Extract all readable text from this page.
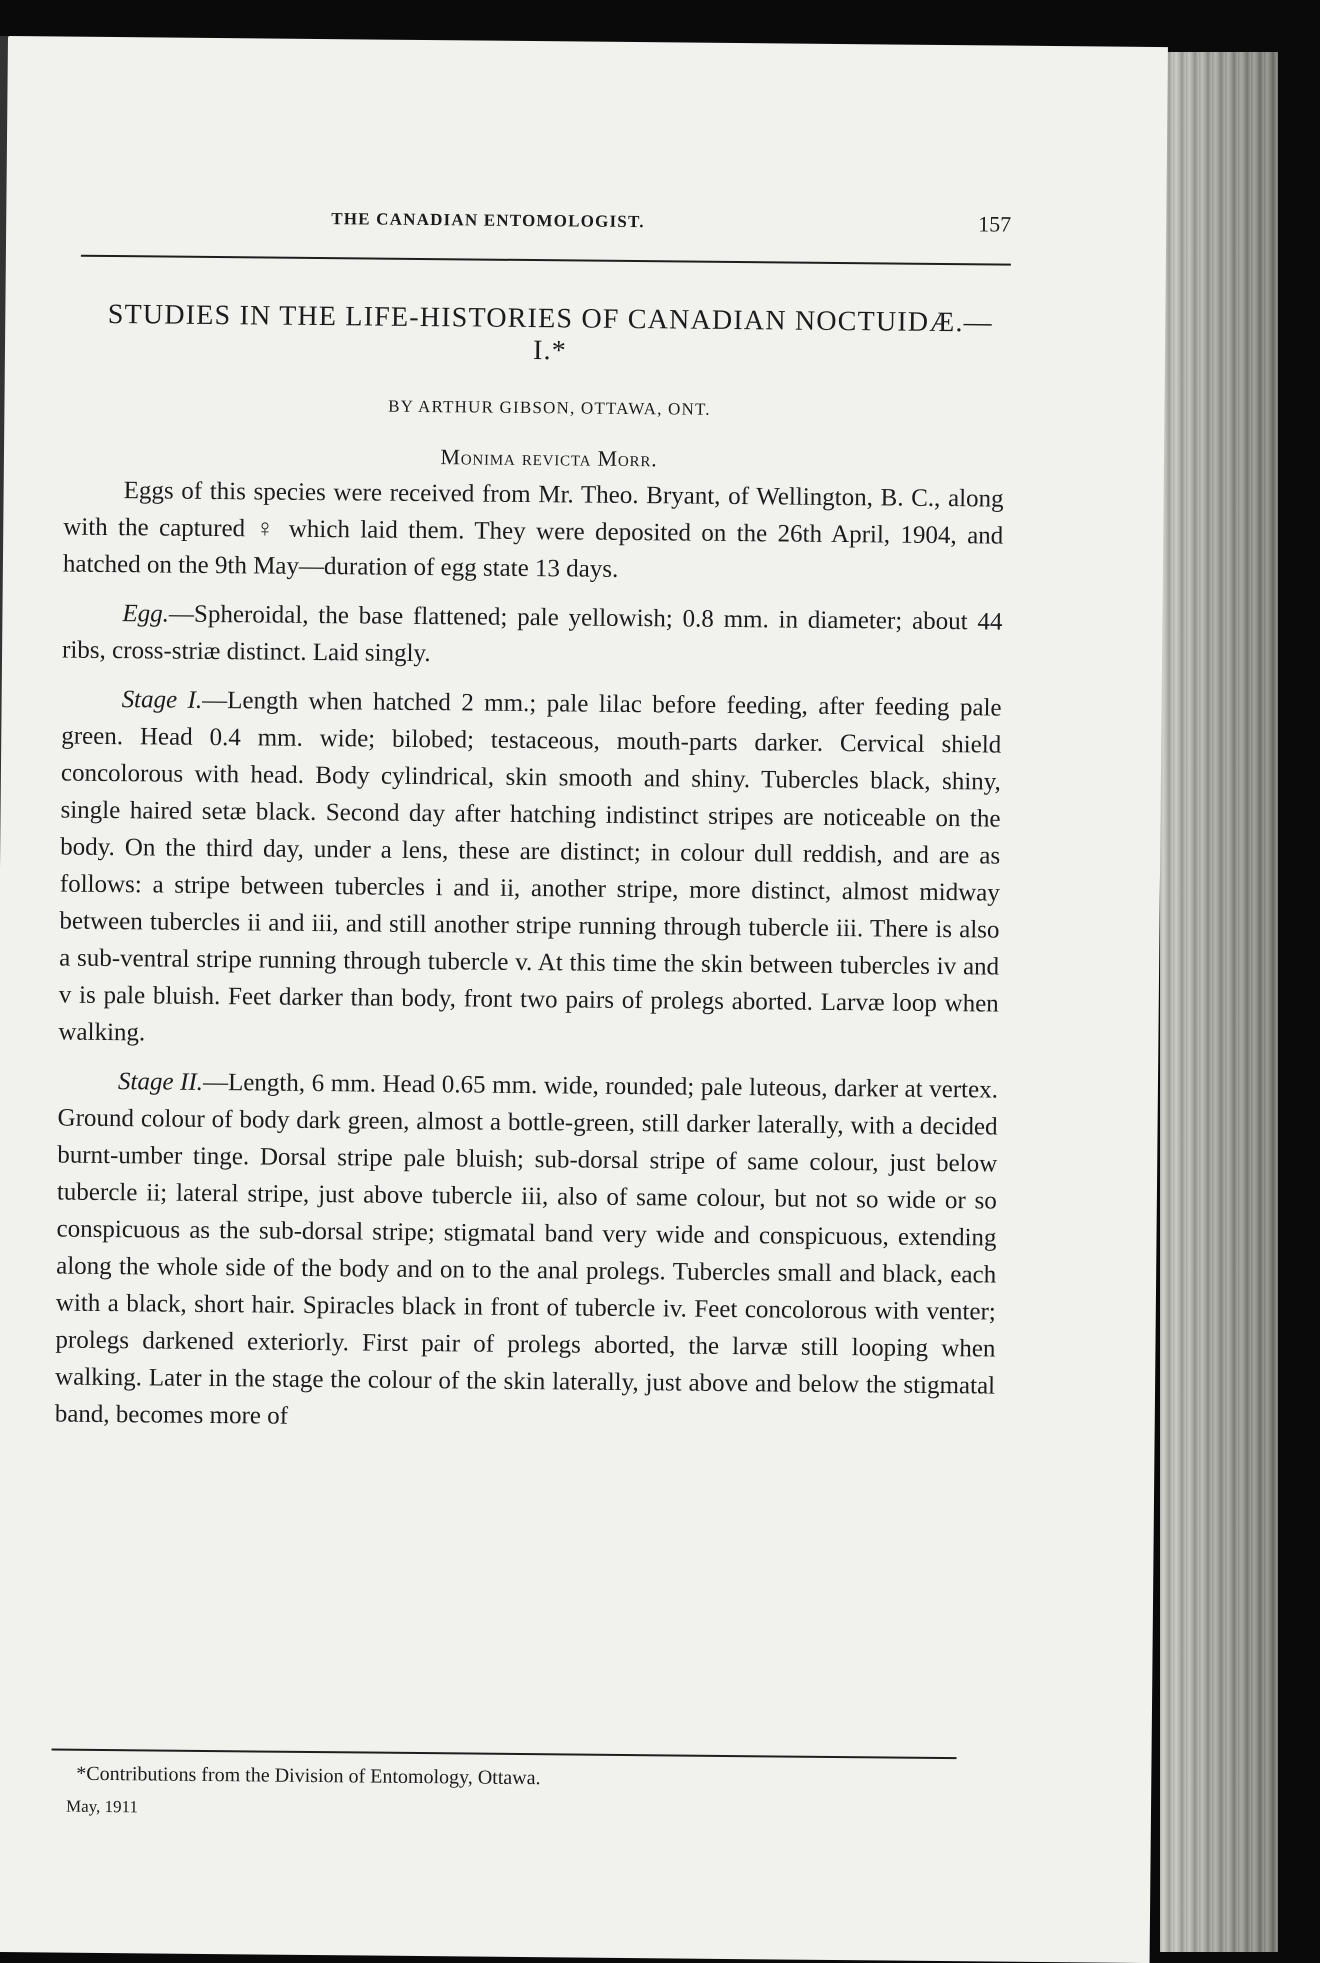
THE CANADIAN ENTOMOLOGIST.	157
STUDIES IN THE LIFE-HISTORIES OF CANADIAN NOCTUIDÆ.—I.*
BY ARTHUR GIBSON, OTTAWA, ONT.
Monima revicta Morr.

Eggs of this species were received from Mr. Theo. Bryant, of Wellington, B. C., along with the captured ♀ which laid them. They were deposited on the 26th April, 1904, and hatched on the 9th May—duration of egg state 13 days.

Egg.—Spheroidal, the base flattened; pale yellowish; 0.8 mm. in diameter; about 44 ribs, cross-striæ distinct. Laid singly.

Stage I.—Length when hatched 2 mm.; pale lilac before feeding, after feeding pale green. Head 0.4 mm. wide; bilobed; testaceous, mouth-parts darker. Cervical shield concolorous with head. Body cylindrical, skin smooth and shiny. Tubercles black, shiny, single haired setæ black. Second day after hatching indistinct stripes are noticeable on the body. On the third day, under a lens, these are distinct; in colour dull reddish, and are as follows: a stripe between tubercles i and ii, another stripe, more distinct, almost midway between tubercles ii and iii, and still another stripe running through tubercle iii. There is also a sub-ventral stripe running through tubercle v. At this time the skin between tubercles iv and v is pale bluish. Feet darker than body, front two pairs of prolegs aborted. Larvæ loop when walking.

Stage II.—Length, 6 mm. Head 0.65 mm. wide, rounded; pale luteous, darker at vertex. Ground colour of body dark green, almost a bottle-green, still darker laterally, with a decided burnt-umber tinge. Dorsal stripe pale bluish; sub-dorsal stripe of same colour, just below tubercle ii; lateral stripe, just above tubercle iii, also of same colour, but not so wide or so conspicuous as the sub-dorsal stripe; stigmatal band very wide and conspicuous, extending along the whole side of the body and on to the anal prolegs. Tubercles small and black, each with a black, short hair. Spiracles black in front of tubercle iv. Feet concolorous with venter; prolegs darkened exteriorly. First pair of prolegs aborted, the larvæ still looping when walking. Later in the stage the colour of the skin laterally, just above and below the stigmatal band, becomes more of

*Contributions from the Division of Entomology, Ottawa.
May, 1911
